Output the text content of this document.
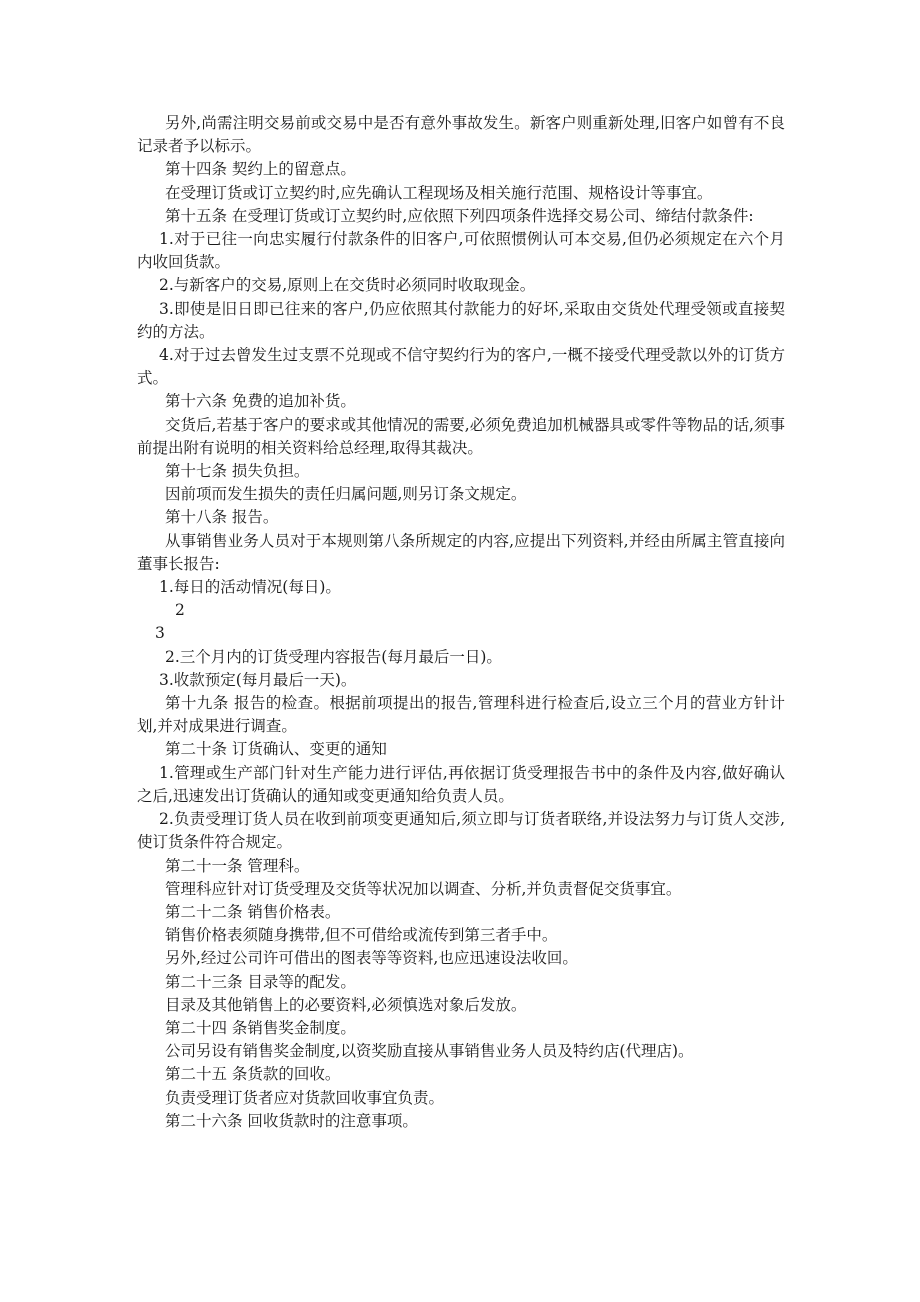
另外,尚需注明交易前或交易中是否有意外事故发生。新客户则重新处理,旧客户如曾有不良记录者予以标示。

第十四条 契约上的留意点。

在受理订货或订立契约时,应先确认工程现场及相关施行范围、规格设计等事宜。

第十五条 在受理订货或订立契约时,应依照下列四项条件选择交易公司、缔结付款条件:

1.对于已往一向忠实履行付款条件的旧客户,可依照惯例认可本交易,但仍必须规定在六个月内收回货款。

2.与新客户的交易,原则上在交货时必须同时收取现金。

3.即使是旧日即已往来的客户,仍应依照其付款能力的好坏,采取由交货处代理受领或直接契约的方法。

4.对于过去曾发生过支票不兑现或不信守契约行为的客户,一概不接受代理受款以外的订货方式。

第十六条 免费的追加补货。

交货后,若基于客户的要求或其他情况的需要,必须免费追加机械器具或零件等物品的话,须事前提出附有说明的相关资料给总经理,取得其裁决。

第十七条 损失负担。

因前项而发生损失的责任归属问题,则另订条文规定。

第十八条 报告。

从事销售业务人员对于本规则第八条所规定的内容,应提出下列资料,并经由所属主管直接向董事长报告:

1.每日的活动情况(每日)。

2

3

2.三个月内的订货受理内容报告(每月最后一日)。

3.收款预定(每月最后一天)。

第十九条 报告的检查。根据前项提出的报告,管理科进行检查后,设立三个月的营业方针计划,并对成果进行调查。

第二十条 订货确认、变更的通知

1.管理或生产部门针对生产能力进行评估,再依据订货受理报告书中的条件及内容,做好确认之后,迅速发出订货确认的通知或变更通知给负责人员。

2.负责受理订货人员在收到前项变更通知后,须立即与订货者联络,并设法努力与订货人交涉,使订货条件符合规定。

第二十一条 管理科。

管理科应针对订货受理及交货等状况加以调查、分析,并负责督促交货事宜。

第二十二条 销售价格表。

销售价格表须随身携带,但不可借给或流传到第三者手中。

另外,经过公司许可借出的图表等等资料,也应迅速设法收回。

第二十三条 目录等的配发。

目录及其他销售上的必要资料,必须慎选对象后发放。

第二十四 条销售奖金制度。

公司另设有销售奖金制度,以资奖励直接从事销售业务人员及特约店(代理店)。

第二十五 条货款的回收。

负责受理订货者应对货款回收事宜负责。

第二十六条 回收货款时的注意事项。
